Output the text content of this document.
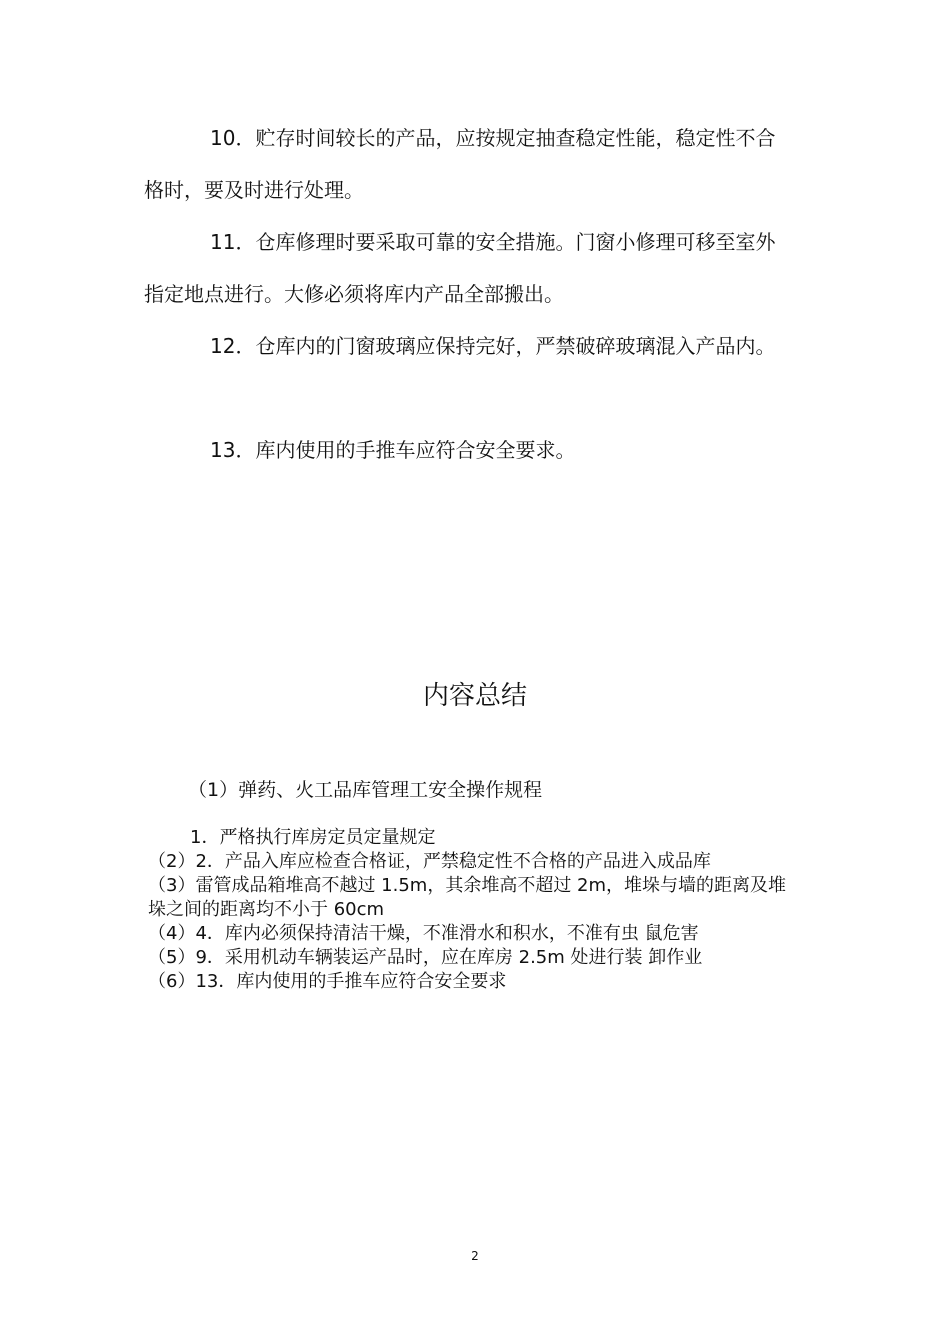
10．贮存时间较长的产品，应按规定抽查稳定性能，稳定性不合格时，要及时进行处理。

11．仓库修理时要采取可靠的安全措施。门窗小修理可移至室外指定地点进行。大修必须将库内产品全部搬出。

12．仓库内的门窗玻璃应保持完好，严禁破碎玻璃混入产品内。

13．库内使用的手推车应符合安全要求。

内容总结

（1）弹药、火工品库管理工安全操作规程

1．严格执行库房定员定量规定
（2）2．产品入库应检查合格证，严禁稳定性不合格的产品进入成品库
（3）雷管成品箱堆高不越过 1.5m，其余堆高不超过 2m，堆垛与墙的距离及堆垛之间的距离均不小于 60cm
（4）4．库内必须保持清洁干燥，不准滑水和积水，不准有虫 鼠危害
（5）9．采用机动车辆装运产品时，应在库房 2.5m 处进行装 卸作业
（6）13．库内使用的手推车应符合安全要求

2
